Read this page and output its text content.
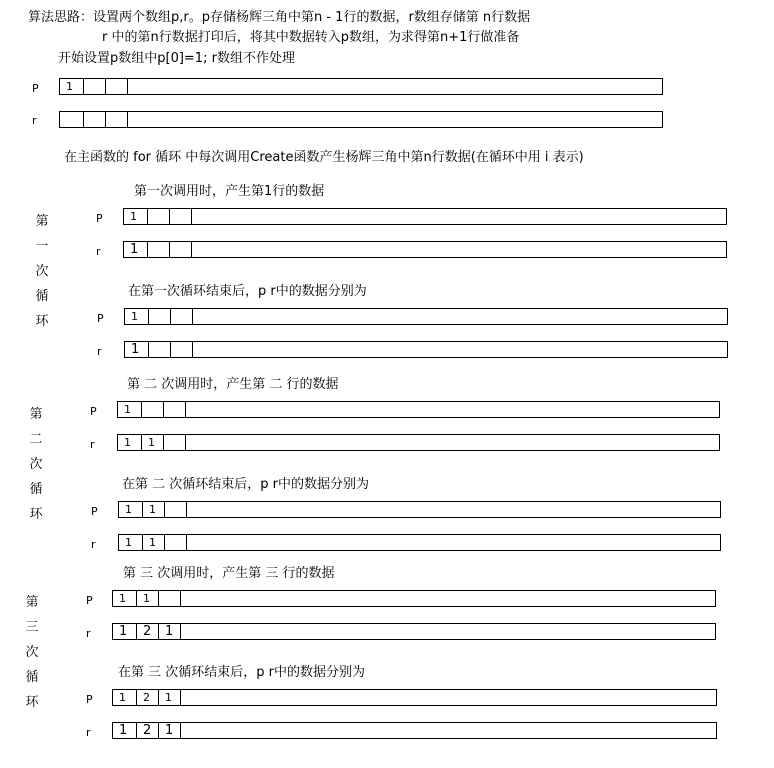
算法思路：设置两个数组p,r。p存储杨辉三角中第n - 1行的数据，r数组存储第 n行数据
r 中的第n行数据打印后，将其中数据转入p数组，为求得第n+1行做准备
开始设置p数组中p[0]=1; r数组不作处理
P	1
r
在主函数的 for 循环 中每次调用Create函数产生杨辉三角中第n行数据(在循环中用 i 表示)
第
一
次
循
环
第一次调用时，产生第1行的数据
P	1
r	1
在第一次循环结束后，p r中的数据分别为
P	1
r	1
第
二
次
循
环
第 二 次调用时，产生第 二 行的数据
P	1
r	1	1
在第 二 次循环结束后，p r中的数据分别为
P	1	1
r	1	1
第
三
次
循
环
第 三 次调用时，产生第 三 行的数据
P	1	1
r	1	2	1
在第 三 次循环结束后，p r中的数据分别为
P	1	2	1
r	1	2	1
